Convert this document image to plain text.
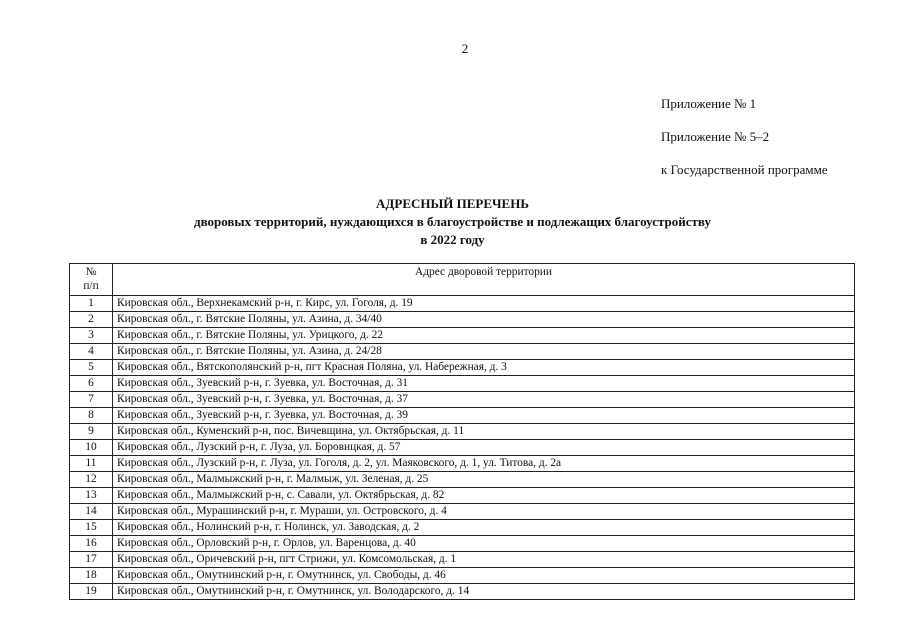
2
Приложение № 1
Приложение № 5–2
к Государственной программе
АДРЕСНЫЙ ПЕРЕЧЕНЬ
дворовых территорий, нуждающихся в благоустройстве и подлежащих благоустройству
в 2022 году
№
п/п	Адрес дворовой территории
1	Кировская обл., Верхнекамский р-н, г. Кирс, ул. Гоголя, д. 19
2	Кировская обл., г. Вятские Поляны, ул. Азина, д. 34/40
3	Кировская обл., г. Вятские Поляны, ул. Урицкого, д. 22
4	Кировская обл., г. Вятские Поляны, ул. Азина, д. 24/28
5	Кировская обл., Вятскополянский р-н, пгт Красная Поляна, ул. Набережная, д. 3
6	Кировская обл., Зуевский р-н, г. Зуевка, ул. Восточная, д. 31
7	Кировская обл., Зуевский р-н, г. Зуевка, ул. Восточная, д. 37
8	Кировская обл., Зуевский р-н, г. Зуевка, ул. Восточная, д. 39
9	Кировская обл., Куменский р-н, пос. Вичевщина, ул. Октябрьская, д. 11
10	Кировская обл., Лузский р-н, г. Луза, ул. Боровицкая, д. 57
11	Кировская обл., Лузский р-н, г. Луза, ул. Гоголя, д. 2, ул. Маяковского, д. 1, ул. Титова, д. 2а
12	Кировская обл., Малмыжский р-н, г. Малмыж, ул. Зеленая, д. 25
13	Кировская обл., Малмыжский р-н, с. Савали, ул. Октябрьская, д. 82
14	Кировская обл., Мурашинский р-н, г. Мураши, ул. Островского, д. 4
15	Кировская обл., Нолинский р-н, г. Нолинск, ул. Заводская, д. 2
16	Кировская обл., Орловский р-н, г. Орлов, ул. Варенцова, д. 40
17	Кировская обл., Оричевский р-н, пгт Стрижи, ул. Комсомольская, д. 1
18	Кировская обл., Омутнинский р-н, г. Омутнинск, ул. Свободы, д. 46
19	Кировская обл., Омутнинский р-н, г. Омутнинск, ул. Володарского, д. 14
